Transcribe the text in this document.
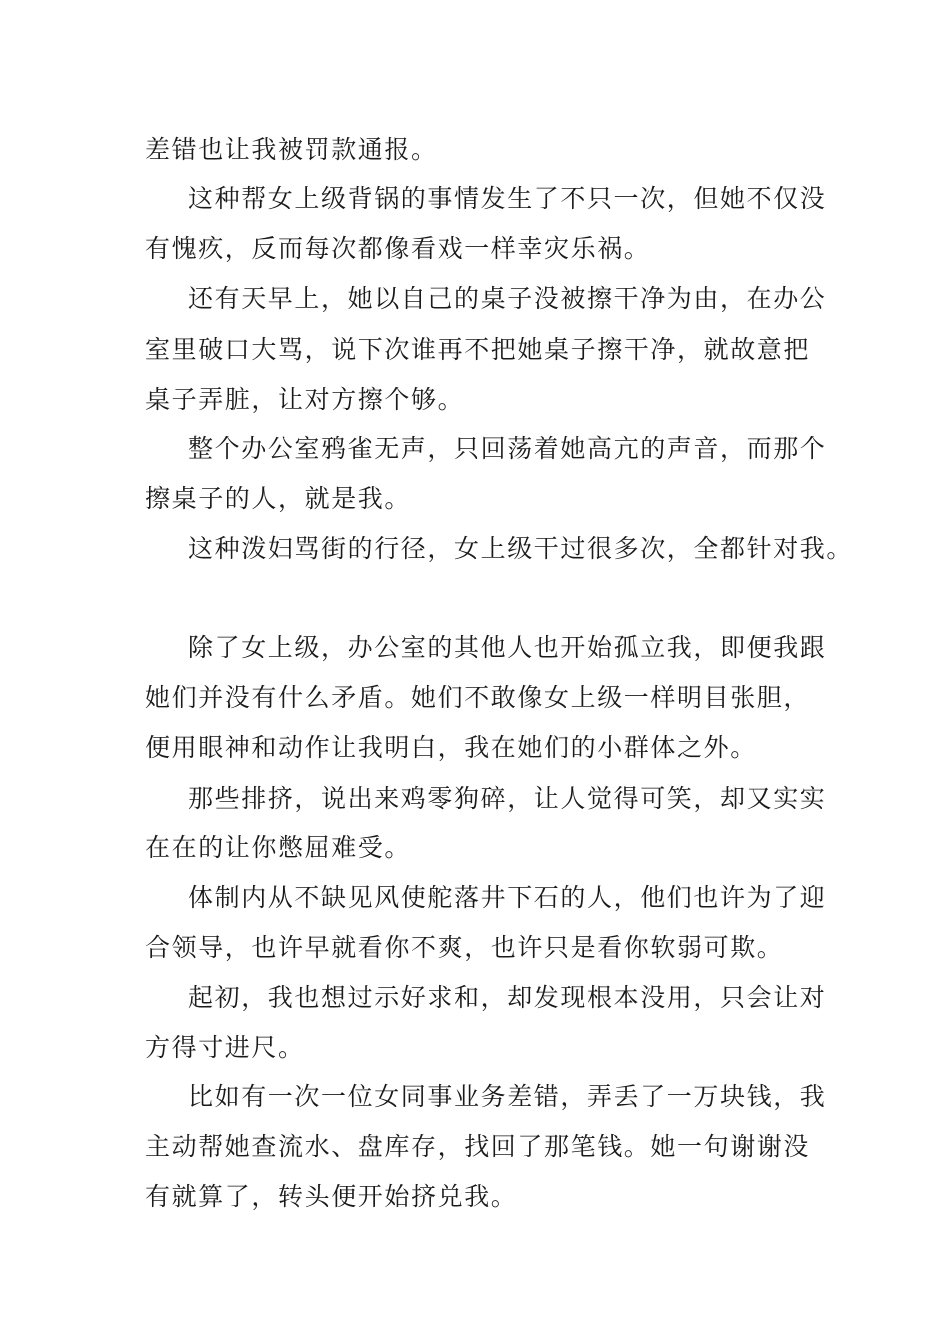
差错也让我被罚款通报。

这种帮女上级背锅的事情发生了不只一次，但她不仅没

有愧疚，反而每次都像看戏一样幸灾乐祸。

还有天早上，她以自己的桌子没被擦干净为由，在办公

室里破口大骂，说下次谁再不把她桌子擦干净，就故意把

桌子弄脏，让对方擦个够。

整个办公室鸦雀无声，只回荡着她高亢的声音，而那个

擦桌子的人，就是我。

这种泼妇骂街的行径，女上级干过很多次，全都针对我。

除了女上级，办公室的其他人也开始孤立我，即便我跟

她们并没有什么矛盾。她们不敢像女上级一样明目张胆，

便用眼神和动作让我明白，我在她们的小群体之外。

那些排挤，说出来鸡零狗碎，让人觉得可笑，却又实实

在在的让你憋屈难受。

体制内从不缺见风使舵落井下石的人，他们也许为了迎

合领导，也许早就看你不爽，也许只是看你软弱可欺。

起初，我也想过示好求和，却发现根本没用，只会让对

方得寸进尺。

比如有一次一位女同事业务差错，弄丢了一万块钱，我

主动帮她查流水、盘库存，找回了那笔钱。她一句谢谢没

有就算了，转头便开始挤兑我。
